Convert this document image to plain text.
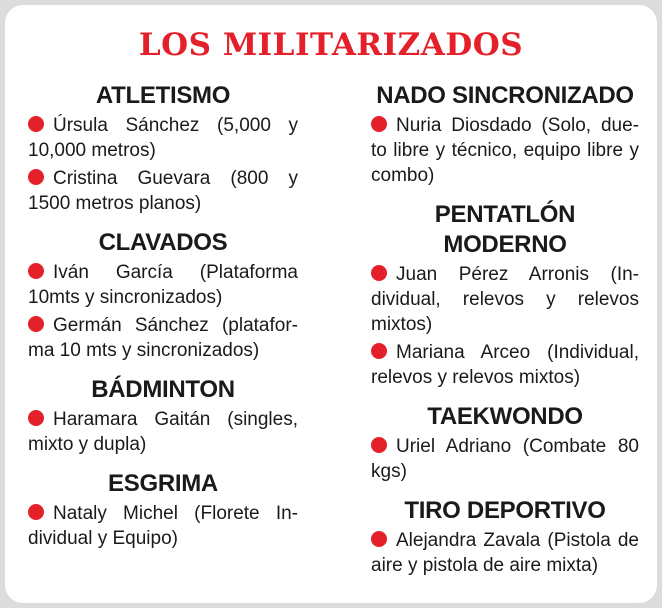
LOS MILITARIZADOS
ATLETISMO

Úrsula Sánchez (5,000 y 10,000 metros)

Cristina Guevara (800 y 1500 metros planos)

CLAVADOS

Iván García (Plataforma 10mts y sincronizados)

Germán Sánchez (platafor-ma 10 mts y sincronizados)

BÁDMINTON

Haramara Gaitán (singles, mixto y dupla)

ESGRIMA

Nataly Michel (Florete In-dividual y Equipo)

NADO SINCRONIZADO

Nuria Diosdado (Solo, due-to libre y técnico, equipo libre y combo)

PENTATLÓN MODERNO

Juan Pérez Arronis (In-dividual, relevos y relevos mixtos)

Mariana Arceo (Individual, relevos y relevos mixtos)

TAEKWONDO

Uriel Adriano (Combate 80 kgs)

TIRO DEPORTIVO

Alejandra Zavala (Pistola de aire y pistola de aire mixta)
